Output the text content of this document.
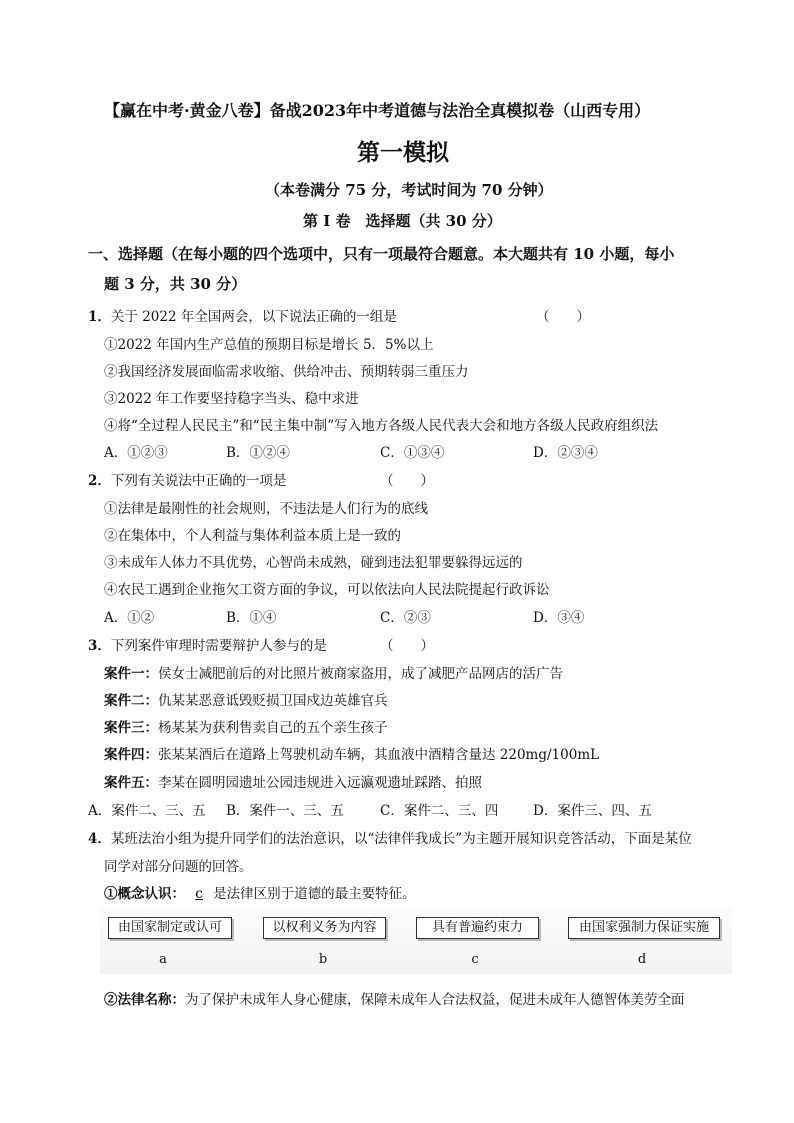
【赢在中考·黄金八卷】备战2023年中考道德与法治全真模拟卷（山西专用）
第一模拟
（本卷满分 75 分，考试时间为 70 分钟）
第 I 卷　选择题（共 30 分）
一、选择题（在每小题的四个选项中，只有一项最符合题意。本大题共有 10 小题，每小
题 3 分，共 30 分）
1．关于 2022 年全国两会，以下说法正确的一组是	（　　）
①2022 年国内生产总值的预期目标是增长 5．5%以上
②我国经济发展面临需求收缩、供给冲击、预期转弱三重压力
③2022 年工作要坚持稳字当头、稳中求进
④将“全过程人民民主”和“民主集中制”写入地方各级人民代表大会和地方各级人民政府组织法
A．①②③	B．①②④	C．①③④	D．②③④
2．下列有关说法中正确的一项是	（　　）
①法律是最刚性的社会规则，不违法是人们行为的底线
②在集体中，个人利益与集体利益本质上是一致的
③未成年人体力不具优势，心智尚未成熟，碰到违法犯罪要躲得远远的
④农民工遇到企业拖欠工资方面的争议，可以依法向人民法院提起行政诉讼
A．①②	B．①④	C．②③	D．③④
3．下列案件审理时需要辩护人参与的是	（　　）
案件一：侯女士减肥前后的对比照片被商家盗用，成了减肥产品网店的活广告
案件二：仇某某恶意诋毁贬损卫国戍边英雄官兵
案件三：杨某某为获利售卖自己的五个亲生孩子
案件四：张某某酒后在道路上驾驶机动车辆，其血液中酒精含量达 220mg/100mL
案件五：李某在圆明园遗址公园违规进入远瀛观遗址踩踏、拍照
A．案件二、三、五 B．案件一、三、五	C．案件二、三、四	D．案件三、四、五
4．某班法治小组为提升同学们的法治意识，以“法律伴我成长”为主题开展知识竞答活动，下面是某位
同学对部分问题的回答。
①概念认识： c 是法律区别于道德的最主要特征。
由国家制定或认可	以权利义务为内容	具有普遍约束力	由国家强制力保证实施
a	b	c	d
②法律名称：为了保护未成年人身心健康，保障未成年人合法权益，促进未成年人德智体美劳全面
